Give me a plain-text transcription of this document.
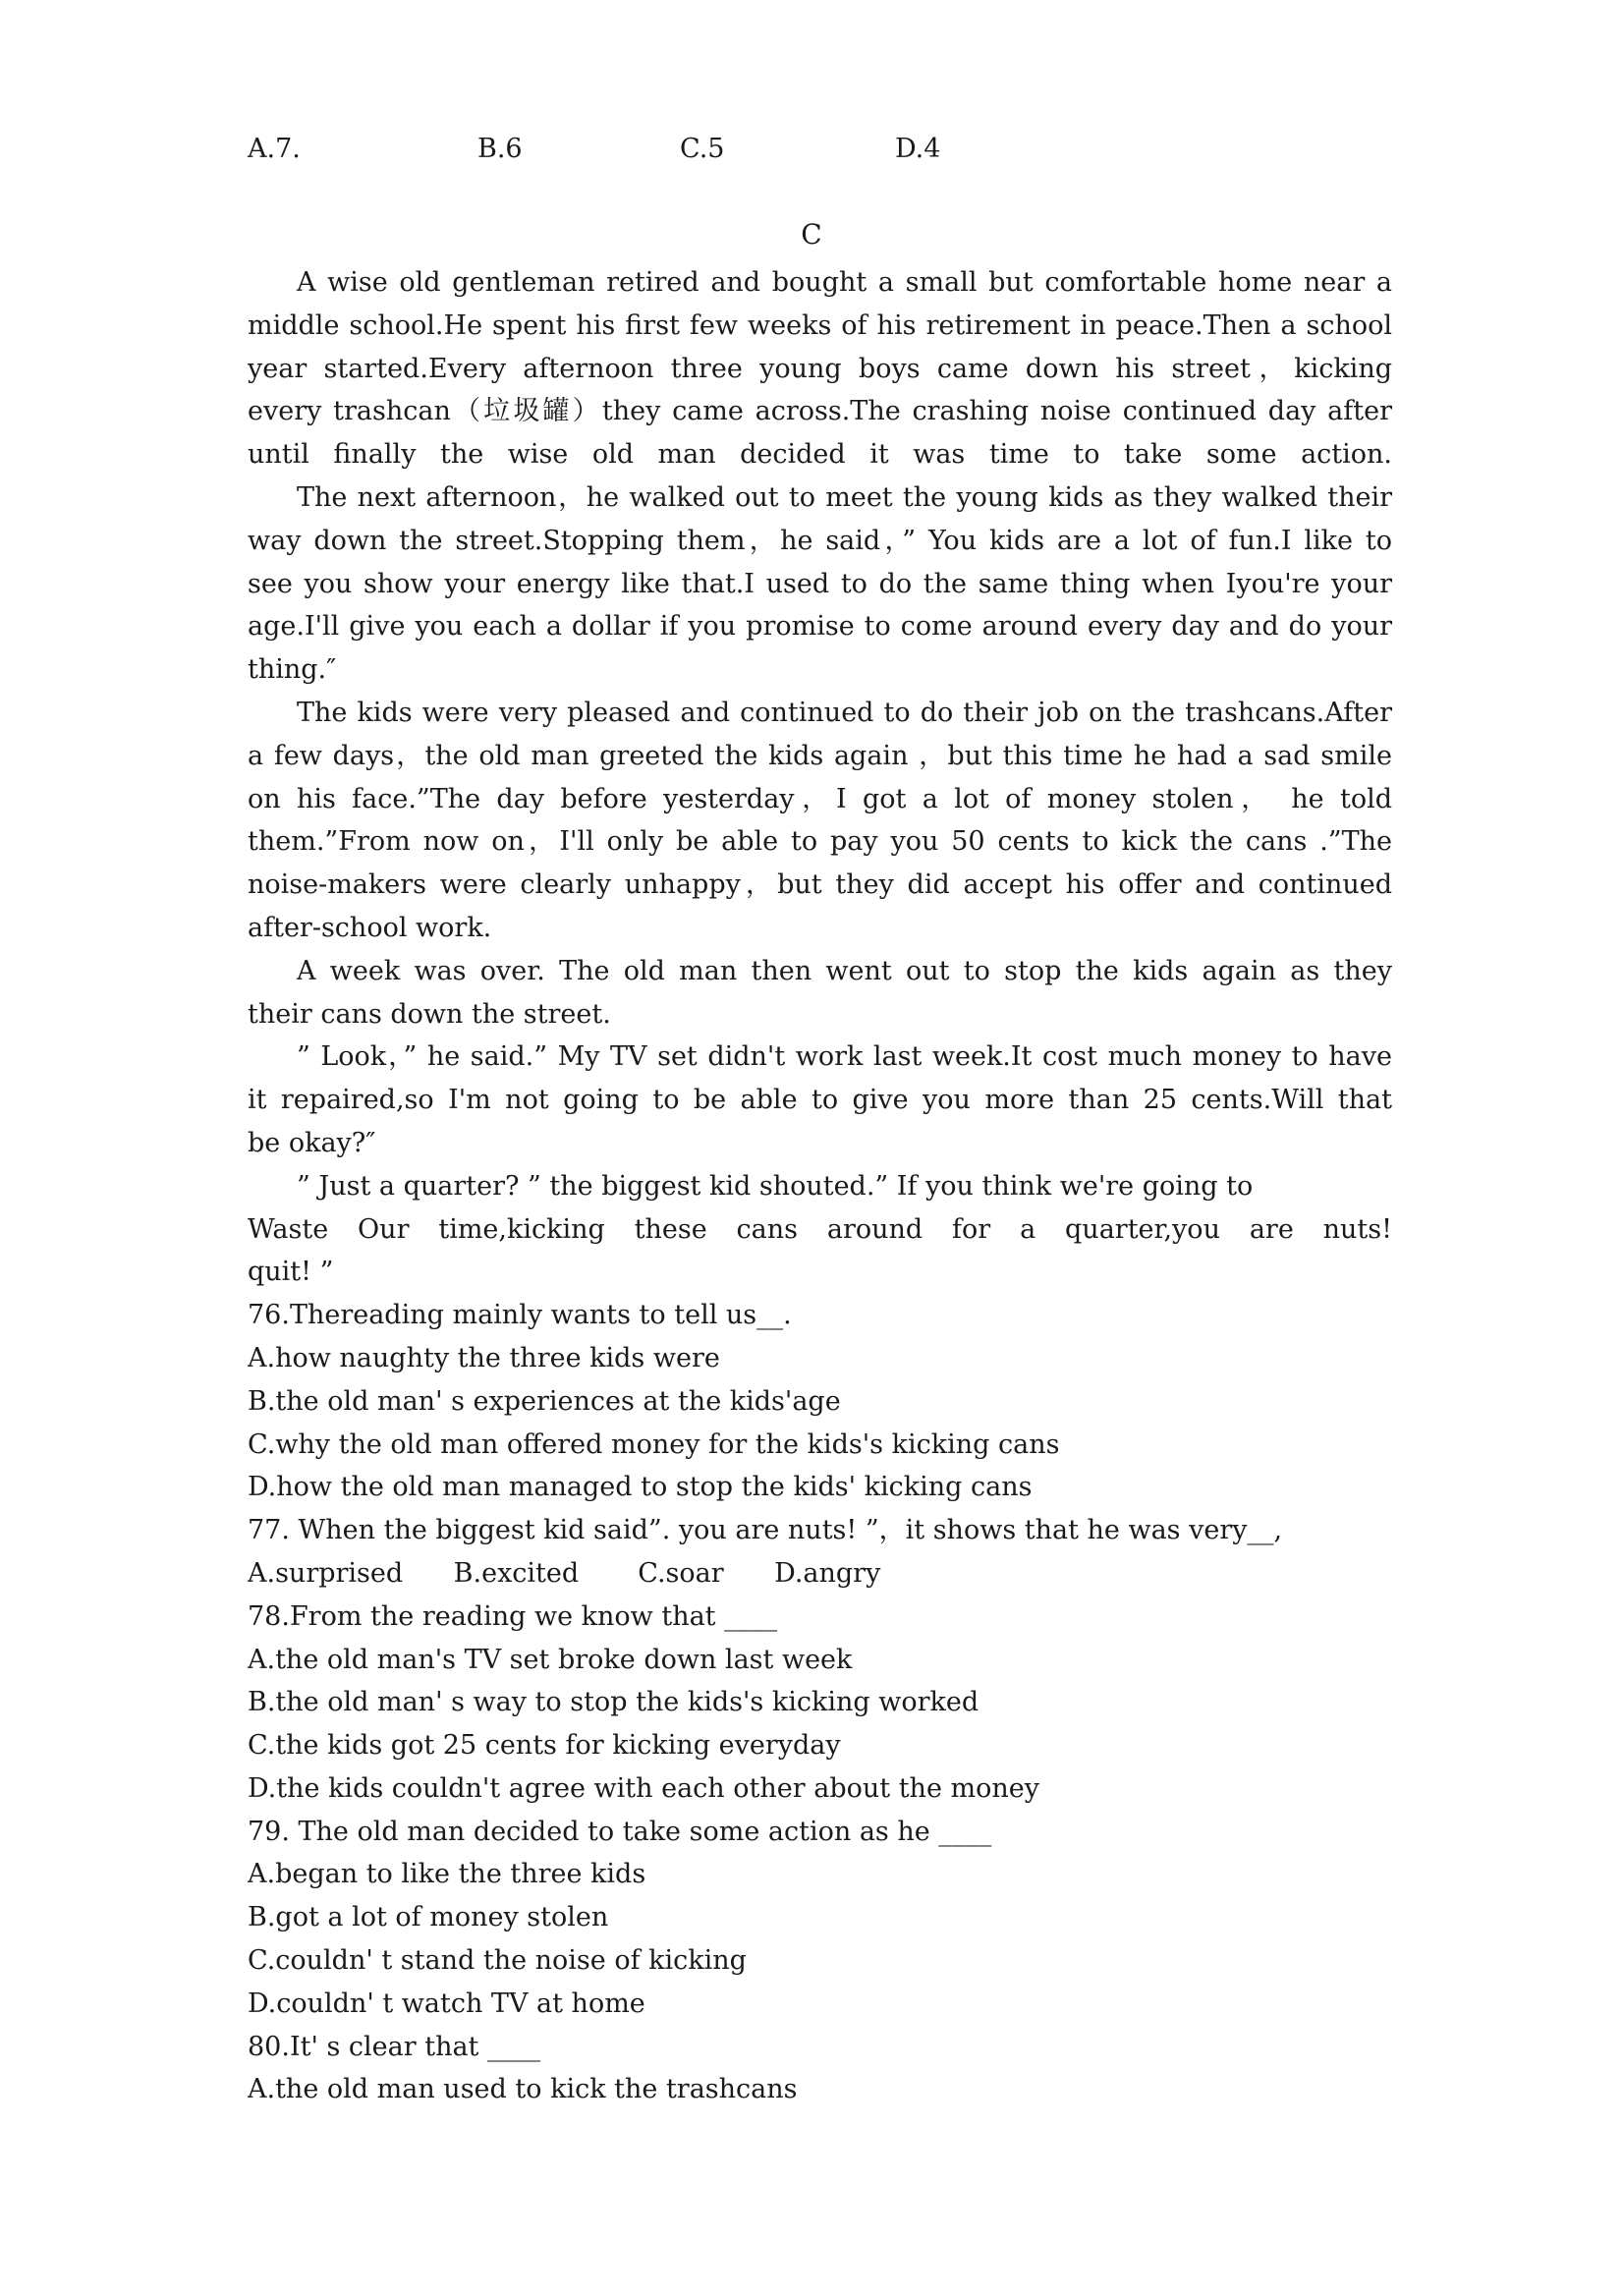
A.7.	B.6	C.5	D.4
C
A wise old gentleman retired and bought a small but comfortable home near a
middle school.He spent his first few weeks of his retirement in peace.Then a school
year started.Every afternoon three young boys came down his street，kicking
every trashcan（垃圾罐）they came across.The crashing noise continued day after
until finally the wise old man decided it was time to take some action.
The next afternoon，he walked out to meet the young kids as they walked their
way down the street.Stopping them，he said，” You kids are a lot of fun.I like to
see you show your energy like that.I used to do the same thing when Iyou're your
age.I'll give you each a dollar if you promise to come around every day and do your
thing.″
The kids were very pleased and continued to do their job on the trashcans.After
a few days，the old man greeted the kids again ，but this time he had a sad smile
on his face.”The day before yesterday，I got a lot of money stolen， he told
them.”From now on，I'll only be able to pay you 50 cents to kick the cans .”The
noise-makers were clearly unhappy，but they did accept his offer and continued
after-school work.
A week was over. The old man then went out to stop the kids again as they
their cans down the street.
” Look，” he said.” My TV set didn't work last week.It cost much money to have
it repaired,so I'm not going to be able to give you more than 25 cents.Will that
be okay?″
” Just a quarter? ” the biggest kid shouted.” If you think we're going to
Waste Our time,kicking these cans around for a quarter,you are nuts!
quit! ”
76.Thereading mainly wants to tell us__.
A.how naughty the three kids were
B.the old man' s experiences at the kids'age
C.why the old man offered money for the kids's kicking cans
D.how the old man managed to stop the kids' kicking cans
77. When the biggest kid said”. you are nuts! ”，it shows that he was very__,
A.surprised      B.excited       C.soar      D.angry
78.From the reading we know that ____
A.the old man's TV set broke down last week
B.the old man' s way to stop the kids's kicking worked
C.the kids got 25 cents for kicking everyday
D.the kids couldn't agree with each other about the money
79. The old man decided to take some action as he ____
A.began to like the three kids
B.got a lot of money stolen
C.couldn' t stand the noise of kicking
D.couldn' t watch TV at home
80.It' s clear that ____
A.the old man used to kick the trashcans
